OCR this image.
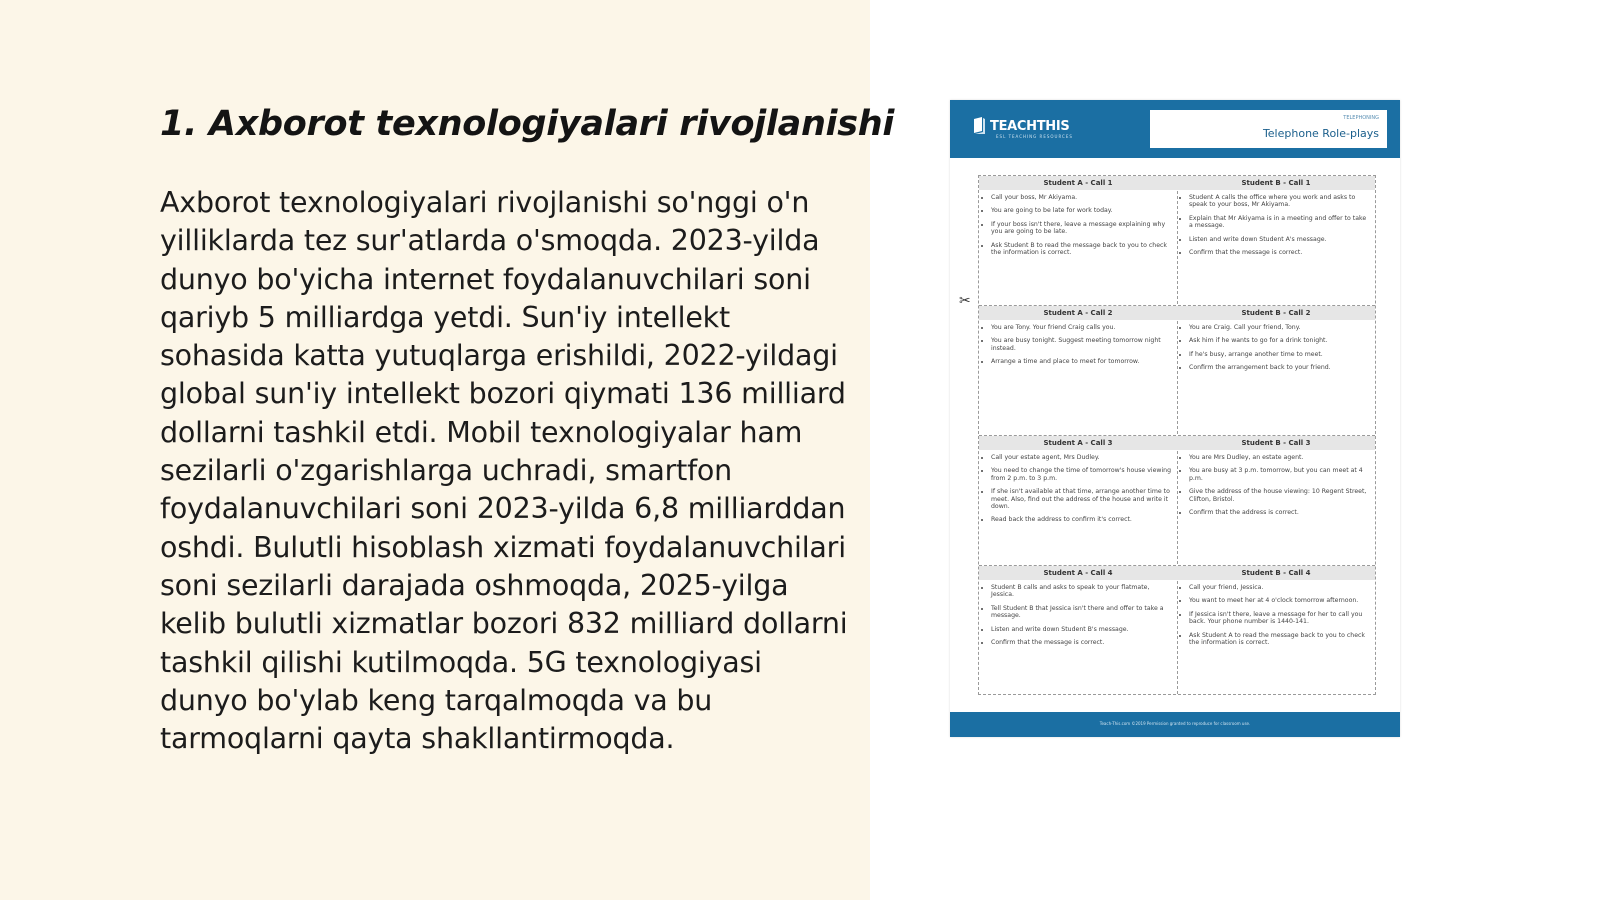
1. Axborot texnologiyalari rivojlanishi

Axborot texnologiyalari rivojlanishi so'nggi o'n yilliklarda tez sur'atlarda o'smoqda. 2023-yilda dunyo bo'yicha internet foydalanuvchilari soni qariyb 5 milliardga yetdi. Sun'iy intellekt sohasida katta yutuqlarga erishildi, 2022-yildagi global sun'iy intellekt bozori qiymati 136 milliard dollarni tashkil etdi. Mobil texnologiyalar ham sezilarli o'zgarishlarga uchradi, smartfon foydalanuvchilari soni 2023-yilda 6,8 milliarddan oshdi. Bulutli hisoblash xizmati foydalanuvchilari soni sezilarli darajada oshmoqda, 2025-yilga kelib bulutli xizmatlar bozori 832 milliard dollarni tashkil qilishi kutilmoqda. 5G texnologiyasi dunyo bo'ylab keng tarqalmoqda va bu tarmoqlarni qayta shakllantirmoqda.

TEACHTHIS
ESL TEACHING RESOURCES
TELEPHONING
Telephone Role-plays
✂
Student A - Call 1
• Call your boss, Mr Akiyama.
• You are going to be late for work today.
• If your boss isn't there, leave a message explaining why you are going to be late.
• Ask Student B to read the message back to you to check the information is correct.
Student B - Call 1
• Student A calls the office where you work and asks to speak to your boss, Mr Akiyama.
• Explain that Mr Akiyama is in a meeting and offer to take a message.
• Listen and write down Student A's message.
• Confirm that the message is correct.
Student A - Call 2
• You are Tony. Your friend Craig calls you.
• You are busy tonight. Suggest meeting tomorrow night instead.
• Arrange a time and place to meet for tomorrow.
Student B - Call 2
• You are Craig. Call your friend, Tony.
• Ask him if he wants to go for a drink tonight.
• If he's busy, arrange another time to meet.
• Confirm the arrangement back to your friend.
Student A - Call 3
• Call your estate agent, Mrs Dudley.
• You need to change the time of tomorrow's house viewing from 2 p.m. to 3 p.m.
• If she isn't available at that time, arrange another time to meet. Also, find out the address of the house and write it down.
• Read back the address to confirm it's correct.
Student B - Call 3
• You are Mrs Dudley, an estate agent.
• You are busy at 3 p.m. tomorrow, but you can meet at 4 p.m.
• Give the address of the house viewing: 10 Regent Street, Clifton, Bristol.
• Confirm that the address is correct.
Student A - Call 4
• Student B calls and asks to speak to your flatmate, Jessica.
• Tell Student B that Jessica isn't there and offer to take a message.
• Listen and write down Student B's message.
• Confirm that the message is correct.
Student B - Call 4
• Call your friend, Jessica.
• You want to meet her at 4 o'clock tomorrow afternoon.
• If Jessica isn't there, leave a message for her to call you back. Your phone number is 1440-141.
• Ask Student A to read the message back to you to check the information is correct.
Teach-This.com ©2019 Permission granted to reproduce for classroom use.
